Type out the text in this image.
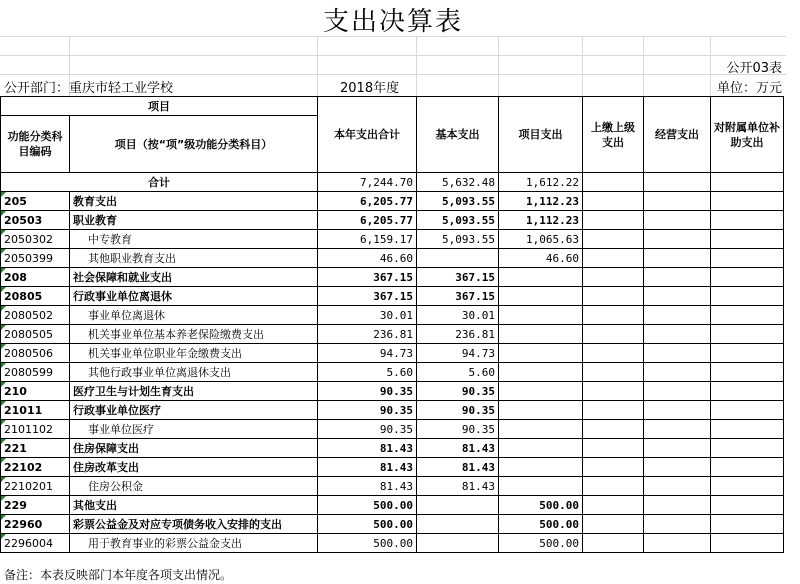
支出决算表
公开03表
公开部门：重庆市轻工业学校	2018年度	单位：万元
项目		本年支出合计	基本支出	项目支出	上缴上级支出	经营支出	对附属单位补助支出
功能分类科目编码	项目（按“项”级功能分类科目）						

合计		7,244.70	5,632.48	1,612.22			
205	教育支出	6,205.77	5,093.55	1,112.23			
20503	职业教育	6,205.77	5,093.55	1,112.23			
2050302	中专教育	6,159.17	5,093.55	1,065.63			
2050399	其他职业教育支出	46.60		46.60			
208	社会保障和就业支出	367.15	367.15				
20805	行政事业单位离退休	367.15	367.15				
2080502	事业单位离退休	30.01	30.01				
2080505	机关事业单位基本养老保险缴费支出	236.81	236.81				
2080506	机关事业单位职业年金缴费支出	94.73	94.73				
2080599	其他行政事业单位离退休支出	5.60	5.60				
210	医疗卫生与计划生育支出	90.35	90.35				
21011	行政事业单位医疗	90.35	90.35				
2101102	事业单位医疗	90.35	90.35				
221	住房保障支出	81.43	81.43				
22102	住房改革支出	81.43	81.43				
2210201	住房公积金	81.43	81.43				
229	其他支出	500.00		500.00			
22960	彩票公益金及对应专项债务收入安排的支出	500.00		500.00			
2296004	用于教育事业的彩票公益金支出	500.00		500.00			
备注：本表反映部门本年度各项支出情况。
